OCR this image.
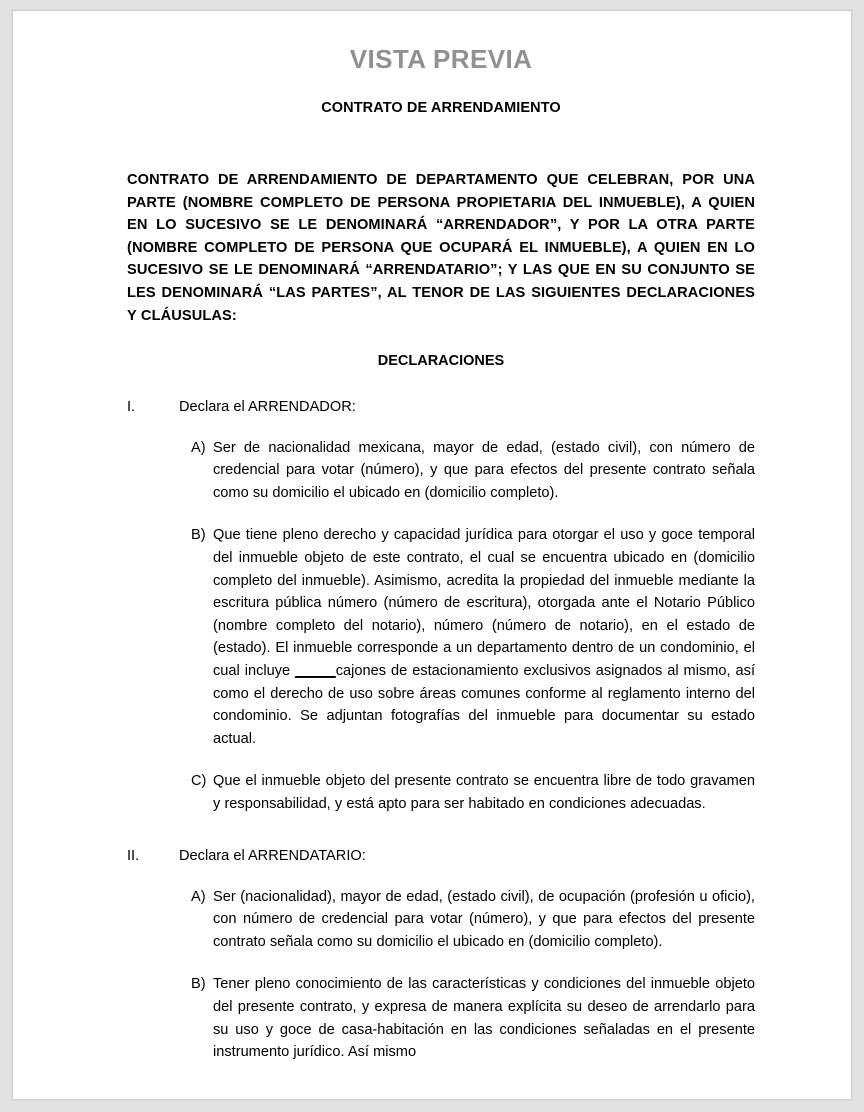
VISTA PREVIA
CONTRATO DE ARRENDAMIENTO

CONTRATO DE ARRENDAMIENTO DE DEPARTAMENTO QUE CELEBRAN, POR UNA PARTE (NOMBRE COMPLETO DE PERSONA PROPIETARIA DEL INMUEBLE), A QUIEN EN LO SUCESIVO SE LE DENOMINARÁ “ARRENDADOR”, Y POR LA OTRA PARTE (NOMBRE COMPLETO DE PERSONA QUE OCUPARÁ EL INMUEBLE), A QUIEN EN LO SUCESIVO SE LE DENOMINARÁ “ARRENDATARIO”; Y LAS QUE EN SU CONJUNTO SE LES DENOMINARÁ “LAS PARTES”, AL TENOR DE LAS SIGUIENTES DECLARACIONES Y CLÁUSULAS:

DECLARACIONES
I.	Declara el ARRENDADOR:
A) Ser de nacionalidad mexicana, mayor de edad, (estado civil), con número de credencial para votar (número), y que para efectos del presente contrato señala como su domicilio el ubicado en (domicilio completo).
B) Que tiene pleno derecho y capacidad jurídica para otorgar el uso y goce temporal del inmueble objeto de este contrato, el cual se encuentra ubicado en (domicilio completo del inmueble). Asimismo, acredita la propiedad del inmueble mediante la escritura pública número (número de escritura), otorgada ante el Notario Público (nombre completo del notario), número (número de notario), en el estado de (estado). El inmueble corresponde a un departamento dentro de un condominio, el cual incluye _____cajones de estacionamiento exclusivos asignados al mismo, así como el derecho de uso sobre áreas comunes conforme al reglamento interno del condominio. Se adjuntan fotografías del inmueble para documentar su estado actual.
C) Que el inmueble objeto del presente contrato se encuentra libre de todo gravamen y responsabilidad, y está apto para ser habitado en condiciones adecuadas.
II.	Declara el ARRENDATARIO:
A) Ser (nacionalidad), mayor de edad, (estado civil), de ocupación (profesión u oficio), con número de credencial para votar (número), y que para efectos del presente contrato señala como su domicilio el ubicado en (domicilio completo).
B) Tener pleno conocimiento de las características y condiciones del inmueble objeto del presente contrato, y expresa de manera explícita su deseo de arrendarlo para su uso y goce de casa-habitación en las condiciones señaladas en el presente instrumento jurídico. Así mismo
